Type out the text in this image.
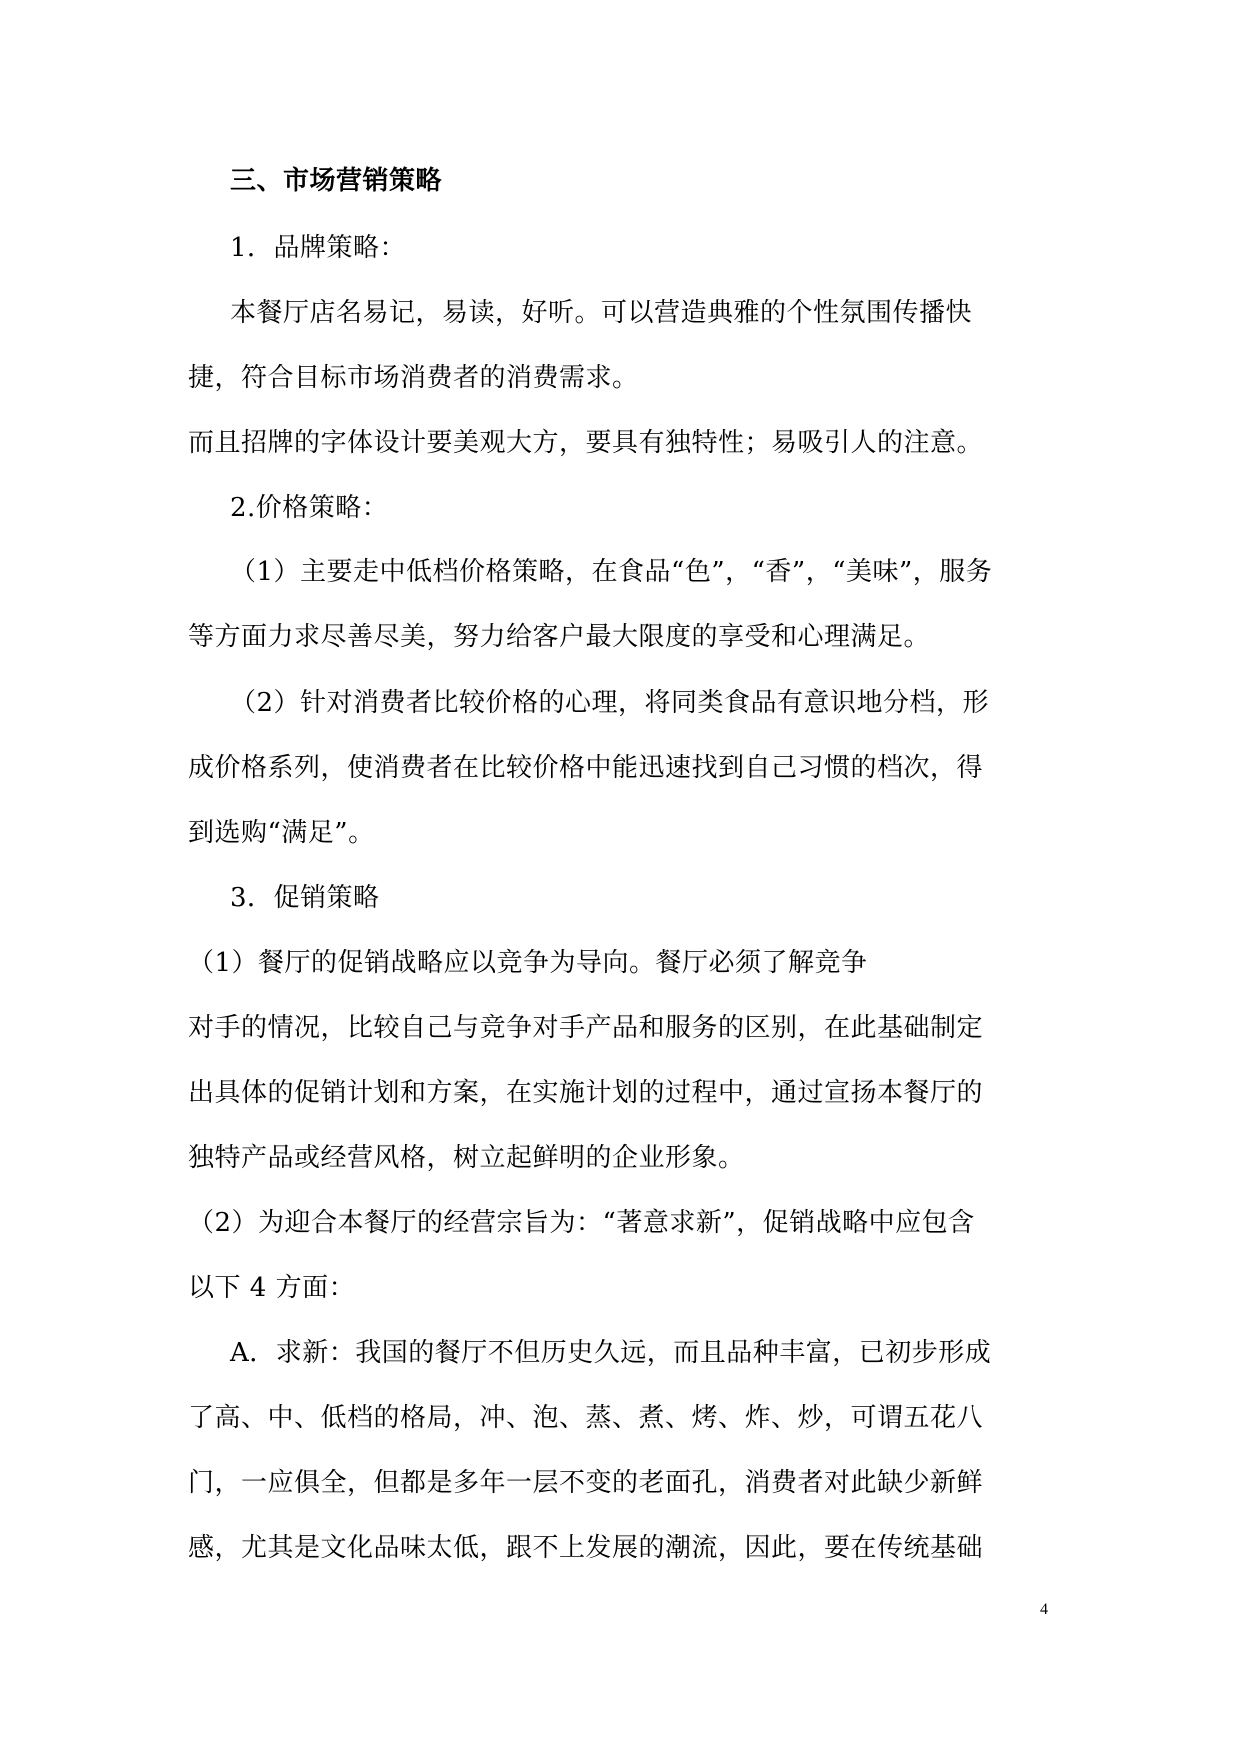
三、市场营销策略
1．品牌策略：
本餐厅店名易记，易读，好听。可以营造典雅的个性氛围传播快
捷，符合目标市场消费者的消费需求。
而且招牌的字体设计要美观大方，要具有独特性；易吸引人的注意。
2.价格策略：
（1）主要走中低档价格策略，在食品“色”，“香”，“美味”，服务
等方面力求尽善尽美，努力给客户最大限度的享受和心理满足。
（2）针对消费者比较价格的心理，将同类食品有意识地分档，形
成价格系列，使消费者在比较价格中能迅速找到自己习惯的档次，得
到选购“满足”。
3．促销策略
（1）餐厅的促销战略应以竞争为导向。餐厅必须了解竞争
对手的情况，比较自己与竞争对手产品和服务的区别，在此基础制定
出具体的促销计划和方案，在实施计划的过程中，通过宣扬本餐厅的
独特产品或经营风格，树立起鲜明的企业形象。
（2）为迎合本餐厅的经营宗旨为：“著意求新”，促销战略中应包含
以下 4 方面：
A．求新：我国的餐厅不但历史久远，而且品种丰富，已初步形成
了高、中、低档的格局，冲、泡、蒸、煮、烤、炸、炒，可谓五花八
门，一应俱全，但都是多年一层不变的老面孔，消费者对此缺少新鲜
感，尤其是文化品味太低，跟不上发展的潮流，因此，要在传统基础
4
